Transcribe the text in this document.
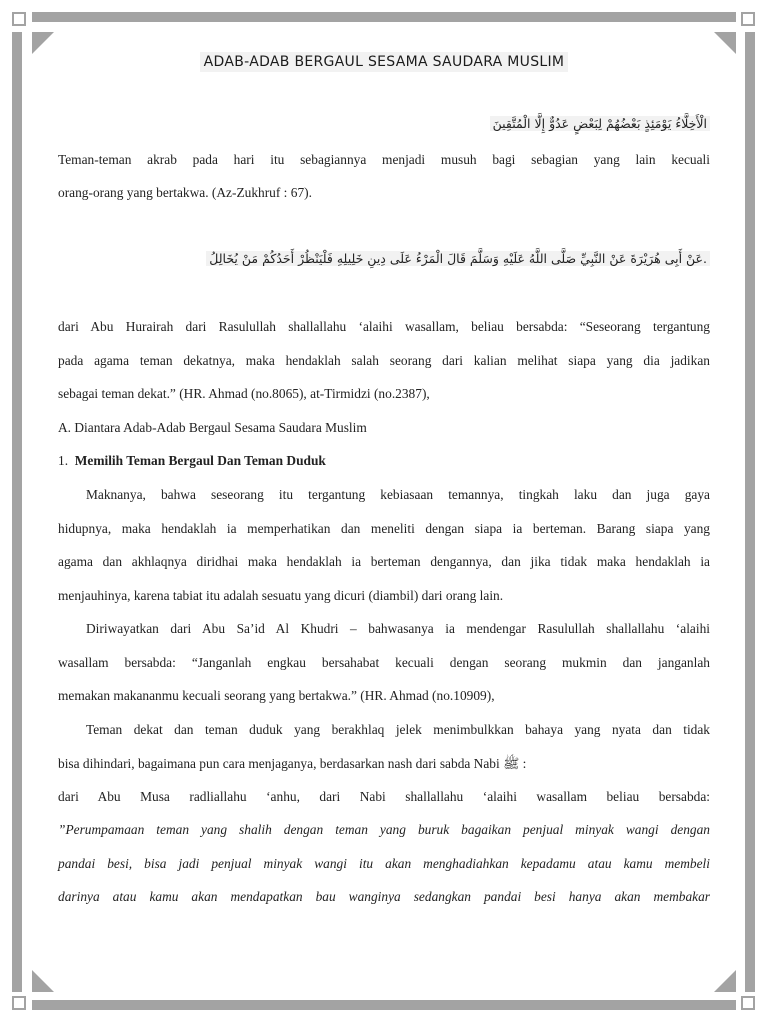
ADAB-ADAB BERGAUL SESAMA SAUDARA MUSLIM
الْأَخِلَّاءُ يَوْمَئِذٍ بَعْضُهُمْ لِبَعْضٍ عَدُوٌّ إِلَّا الْمُتَّقِينَ
Teman-teman akrab pada hari itu sebagiannya menjadi musuh bagi sebagian yang lain kecuali
orang-orang yang bertakwa. (Az-Zukhruf : 67).
.عَنْ أَبِى هُرَيْرَةَ عَنْ النَّبِيِّ صَلَّى اللَّهُ عَلَيْهِ وَسَلَّمَ قَالَ الْمَرْءُ عَلَى دِينِ خَلِيلِهِ فَلْيَنْظُرْ أَحَدُكُمْ مَنْ يُخَالِلُ
dari Abu Hurairah dari Rasulullah shallallahu ‘alaihi wasallam, beliau bersabda: “Seseorang tergantung
pada agama teman dekatnya, maka hendaklah salah seorang dari kalian melihat siapa yang dia jadikan
sebagai teman dekat.” (HR. Ahmad (no.8065), at-Tirmidzi (no.2387),
A. Diantara Adab-Adab Bergaul Sesama Saudara Muslim
1. Memilih Teman Bergaul Dan Teman Duduk
Maknanya, bahwa seseorang itu tergantung kebiasaan temannya, tingkah laku dan juga gaya
hidupnya, maka hendaklah ia memperhatikan dan meneliti dengan siapa ia berteman. Barang siapa yang
agama dan akhlaqnya diridhai maka hendaklah ia berteman dengannya, dan jika tidak maka hendaklah ia
menjauhinya, karena tabiat itu adalah sesuatu yang dicuri (diambil) dari orang lain.
Diriwayatkan dari Abu Sa’id Al Khudri – bahwasanya ia mendengar Rasulullah shallallahu ‘alaihi
wasallam bersabda: “Janganlah engkau bersahabat kecuali dengan seorang mukmin dan janganlah
memakan makananmu kecuali seorang yang bertakwa.” (HR. Ahmad (no.10909),
Teman dekat dan teman duduk yang berakhlaq jelek menimbulkkan bahaya yang nyata dan tidak
bisa dihindari, bagaimana pun cara menjaganya, berdasarkan nash dari sabda Nabi ﷺ :
dari Abu Musa radliallahu ‘anhu, dari Nabi shallallahu ‘alaihi wasallam beliau bersabda:
”Perumpamaan teman yang shalih dengan teman yang buruk bagaikan penjual minyak wangi dengan
pandai besi, bisa jadi penjual minyak wangi itu akan menghadiahkan kepadamu atau kamu membeli
darinya atau kamu akan mendapatkan bau wanginya sedangkan pandai besi hanya akan membakar
